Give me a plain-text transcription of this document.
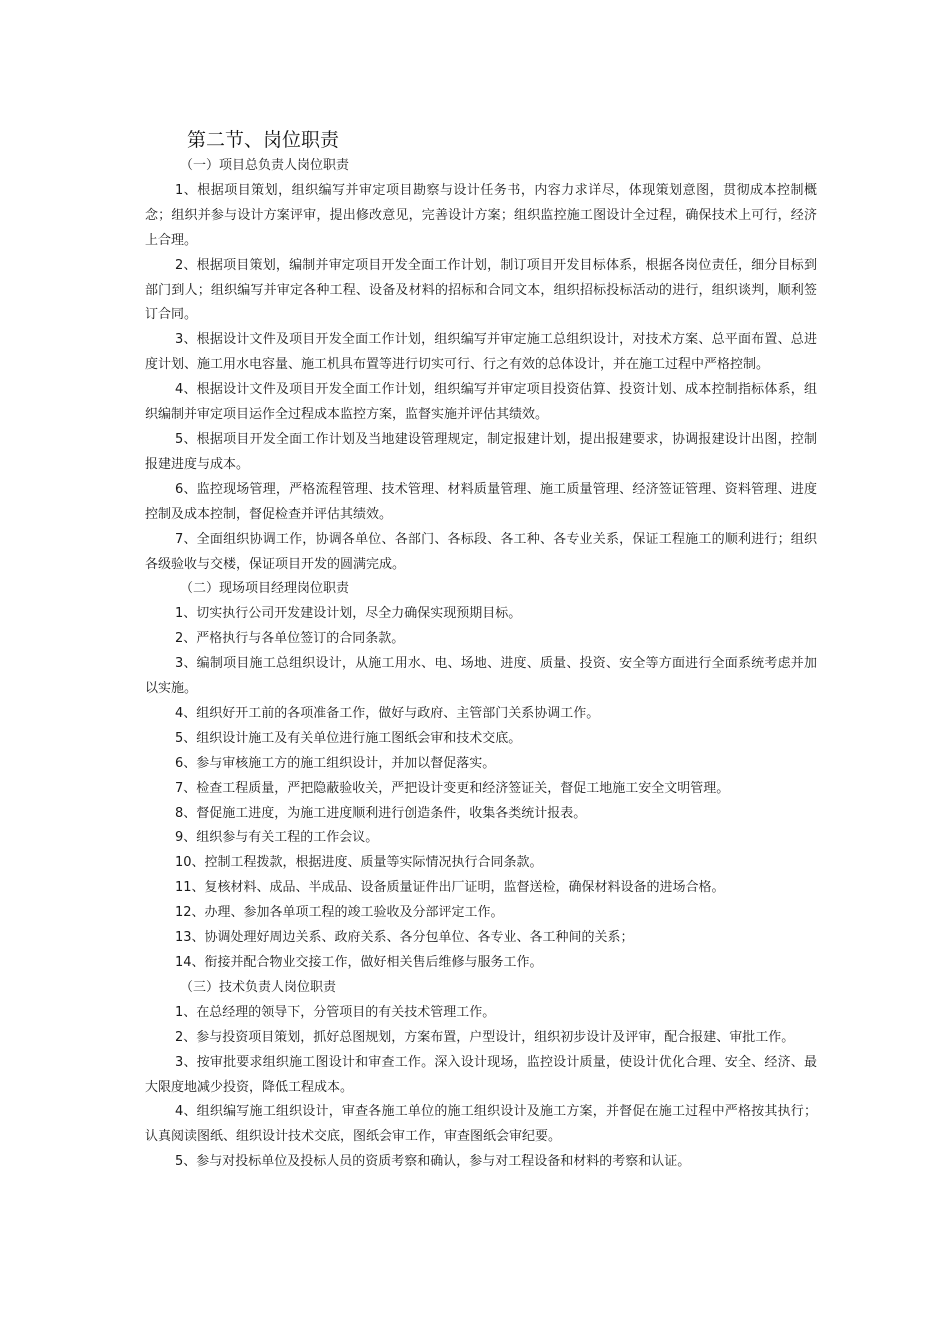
第二节、岗位职责
（一）项目总负责人岗位职责

1、根据项目策划，组织编写并审定项目勘察与设计任务书，内容力求详尽，体现策划意图，贯彻成本控制概念；组织并参与设计方案评审，提出修改意见，完善设计方案；组织监控施工图设计全过程，确保技术上可行，经济上合理。

2、根据项目策划，编制并审定项目开发全面工作计划，制订项目开发目标体系，根据各岗位责任，细分目标到部门到人；组织编写并审定各种工程、设备及材料的招标和合同文本，组织招标投标活动的进行，组织谈判，顺利签订合同。

3、根据设计文件及项目开发全面工作计划，组织编写并审定施工总组织设计，对技术方案、总平面布置、总进度计划、施工用水电容量、施工机具布置等进行切实可行、行之有效的总体设计，并在施工过程中严格控制。

4、根据设计文件及项目开发全面工作计划，组织编写并审定项目投资估算、投资计划、成本控制指标体系，组织编制并审定项目运作全过程成本监控方案，监督实施并评估其绩效。

5、根据项目开发全面工作计划及当地建设管理规定，制定报建计划，提出报建要求，协调报建设计出图，控制报建进度与成本。

6、监控现场管理，严格流程管理、技术管理、材料质量管理、施工质量管理、经济签证管理、资料管理、进度控制及成本控制，督促检查并评估其绩效。

7、全面组织协调工作，协调各单位、各部门、各标段、各工种、各专业关系，保证工程施工的顺利进行；组织各级验收与交楼，保证项目开发的圆满完成。

（二）现场项目经理岗位职责

1、切实执行公司开发建设计划，尽全力确保实现预期目标。

2、严格执行与各单位签订的合同条款。

3、编制项目施工总组织设计，从施工用水、电、场地、进度、质量、投资、安全等方面进行全面系统考虑并加以实施。

4、组织好开工前的各项准备工作，做好与政府、主管部门关系协调工作。

5、组织设计施工及有关单位进行施工图纸会审和技术交底。

6、参与审核施工方的施工组织设计，并加以督促落实。

7、检查工程质量，严把隐蔽验收关，严把设计变更和经济签证关，督促工地施工安全文明管理。

8、督促施工进度，为施工进度顺利进行创造条件，收集各类统计报表。

9、组织参与有关工程的工作会议。

10、控制工程拨款，根据进度、质量等实际情况执行合同条款。

11、复核材料、成品、半成品、设备质量证件出厂证明，监督送检，确保材料设备的进场合格。

12、办理、参加各单项工程的竣工验收及分部评定工作。

13、协调处理好周边关系、政府关系、各分包单位、各专业、各工种间的关系；

14、衔接并配合物业交接工作，做好相关售后维修与服务工作。

（三）技术负责人岗位职责

1、在总经理的领导下，分管项目的有关技术管理工作。

2、参与投资项目策划，抓好总图规划，方案布置，户型设计，组织初步设计及评审，配合报建、审批工作。

3、按审批要求组织施工图设计和审查工作。深入设计现场，监控设计质量，使设计优化合理、安全、经济、最大限度地减少投资，降低工程成本。

4、组织编写施工组织设计，审查各施工单位的施工组织设计及施工方案，并督促在施工过程中严格按其执行；认真阅读图纸、组织设计技术交底，图纸会审工作，审查图纸会审纪要。

5、参与对投标单位及投标人员的资质考察和确认，参与对工程设备和材料的考察和认证。
